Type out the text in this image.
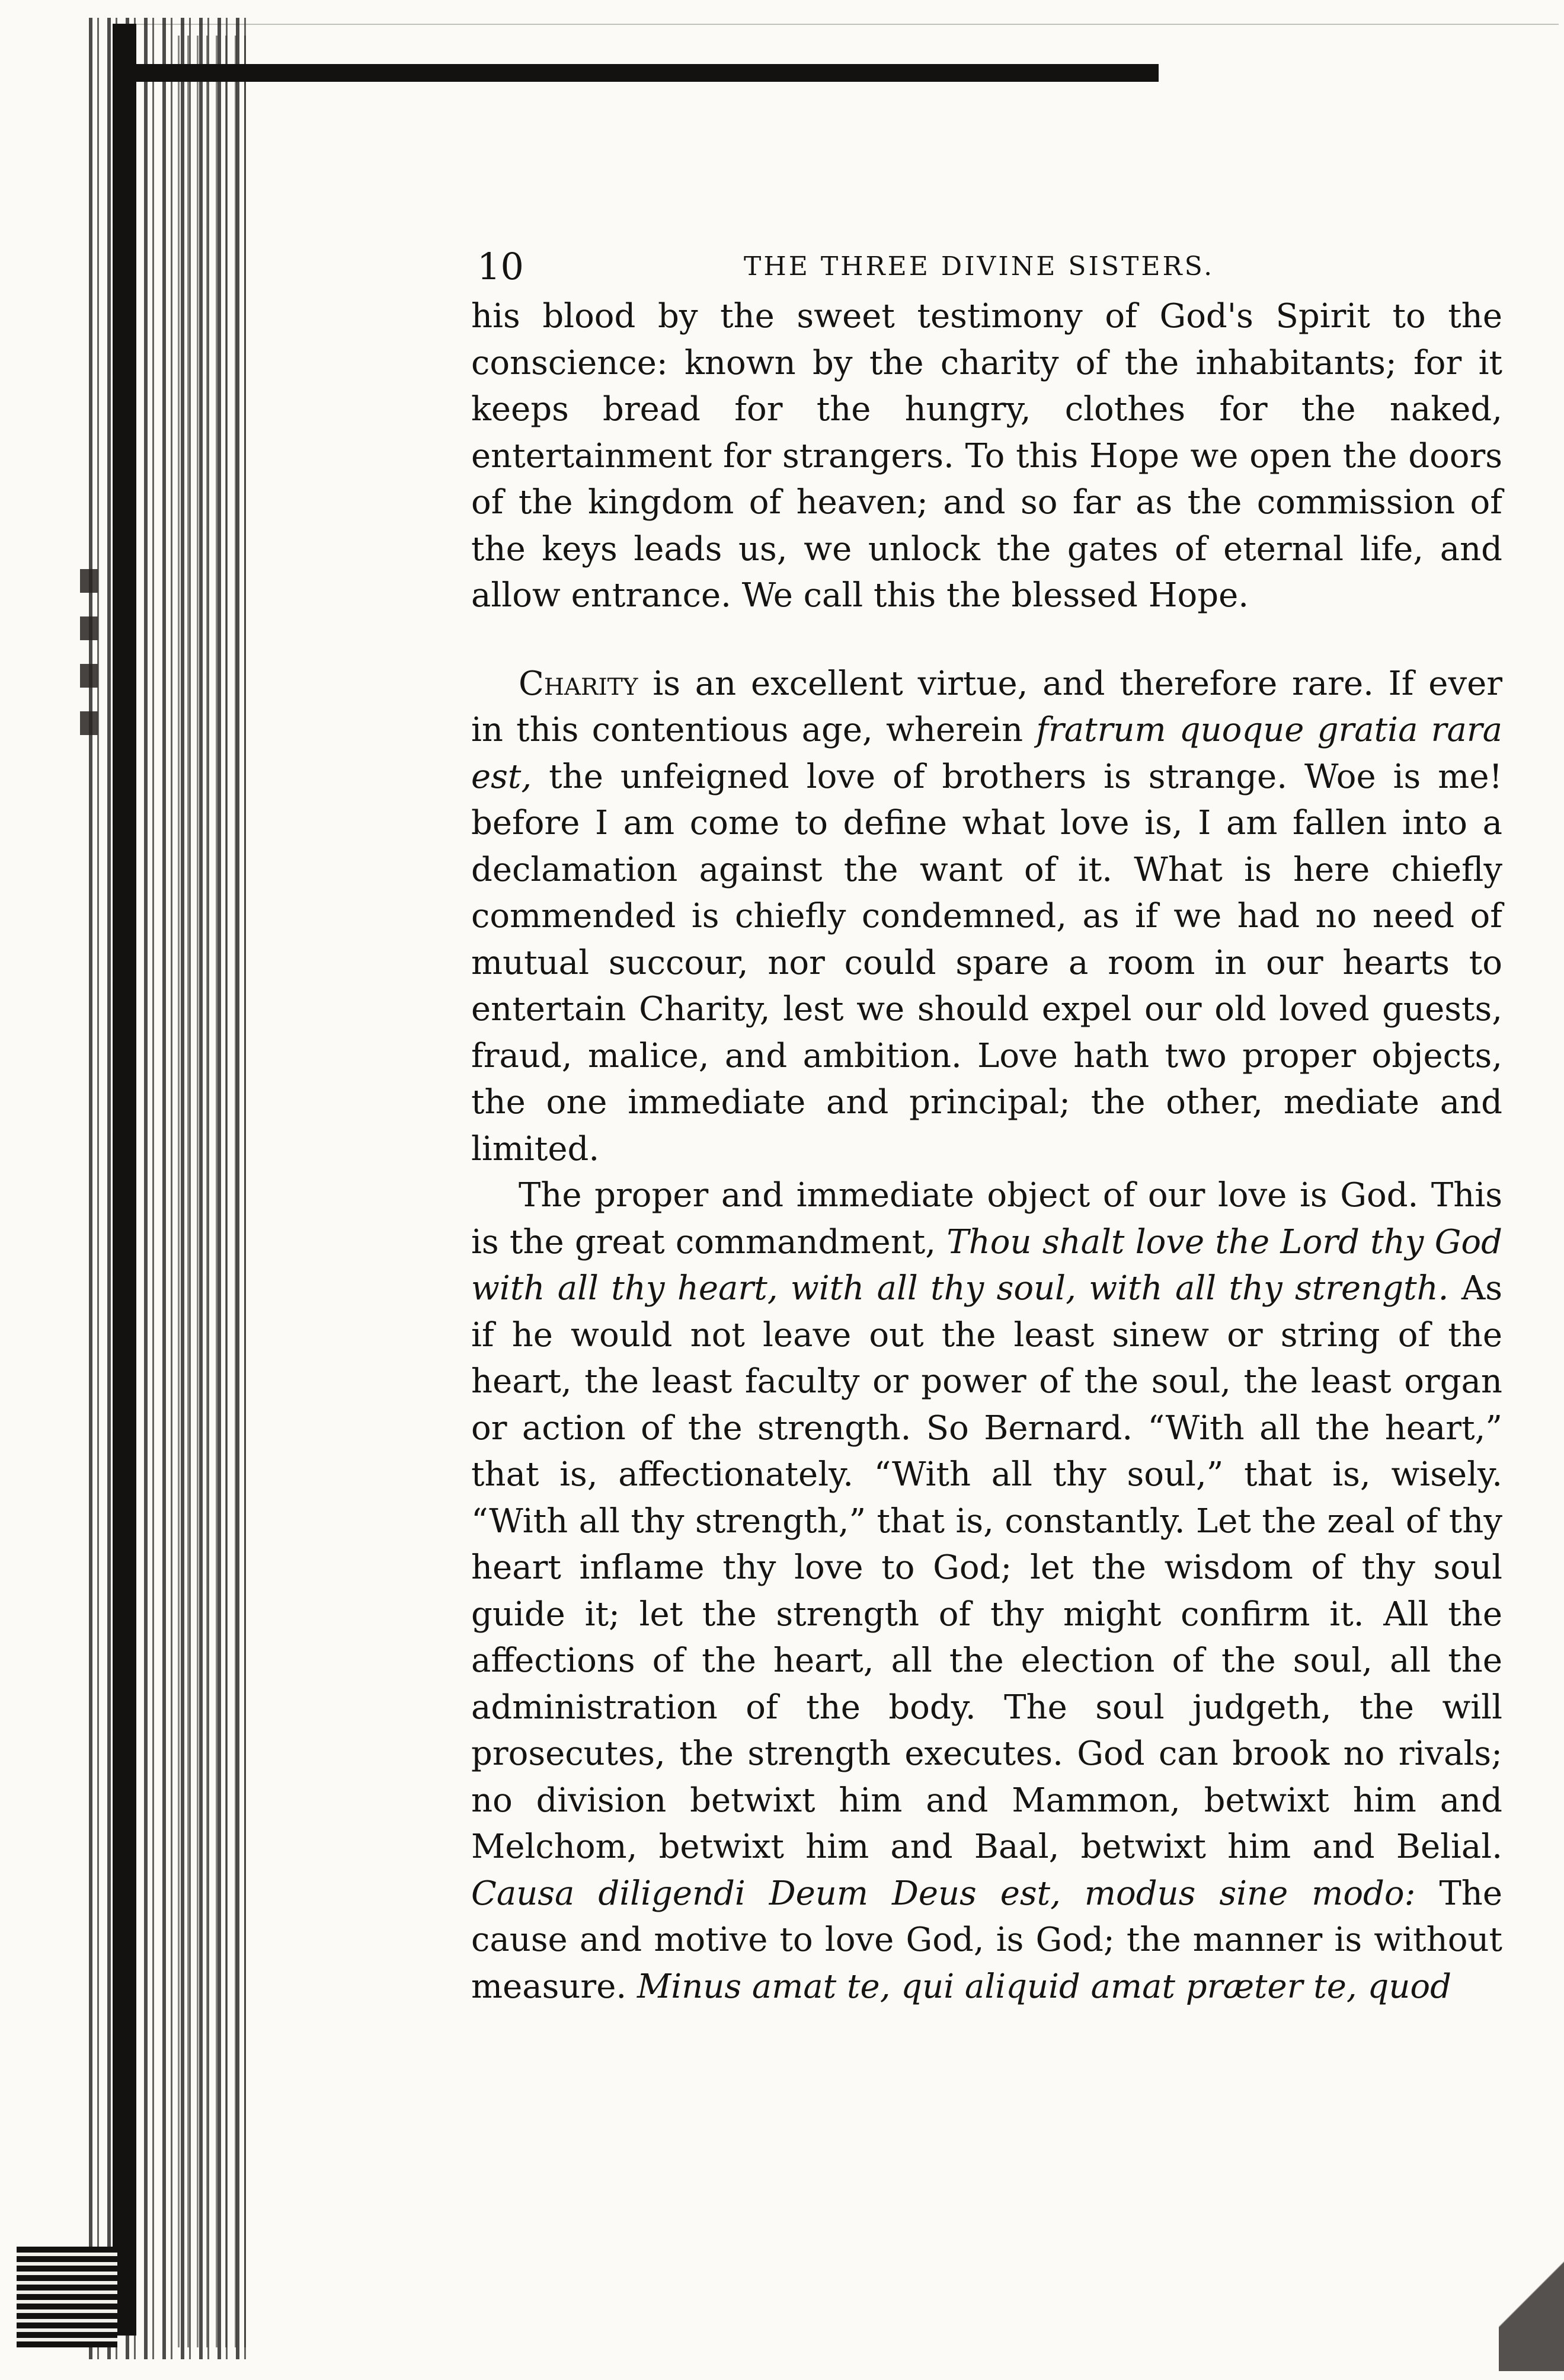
10	THE THREE DIVINE SISTERS.

his blood by the sweet testimony of God's Spirit to the conscience: known by the charity of the inhabitants; for it keeps bread for the hungry, clothes for the naked, entertainment for strangers. To this Hope we open the doors of the kingdom of heaven; and so far as the commission of the keys leads us, we unlock the gates of eternal life, and allow entrance. We call this the blessed Hope.

Charity is an excellent virtue, and therefore rare. If ever in this contentious age, wherein fratrum quoque gratia rara est, the unfeigned love of brothers is strange. Woe is me! before I am come to define what love is, I am fallen into a declamation against the want of it. What is here chiefly commended is chiefly condemned, as if we had no need of mutual succour, nor could spare a room in our hearts to entertain Charity, lest we should expel our old loved guests, fraud, malice, and ambition. Love hath two proper objects, the one immediate and principal; the other, mediate and limited.

The proper and immediate object of our love is God. This is the great commandment, Thou shalt love the Lord thy God with all thy heart, with all thy soul, with all thy strength. As if he would not leave out the least sinew or string of the heart, the least faculty or power of the soul, the least organ or action of the strength. So Bernard. “With all the heart,” that is, affectionately. “With all thy soul,” that is, wisely. “With all thy strength,” that is, constantly. Let the zeal of thy heart inflame thy love to God; let the wisdom of thy soul guide it; let the strength of thy might confirm it. All the affections of the heart, all the election of the soul, all the administration of the body. The soul judgeth, the will prosecutes, the strength executes. God can brook no rivals; no division betwixt him and Mammon, betwixt him and Melchom, betwixt him and Baal, betwixt him and Belial. Causa diligendi Deum Deus est, modus sine modo: The cause and motive to love God, is God; the manner is without measure. Minus amat te, qui aliquid amat præter te, quod
